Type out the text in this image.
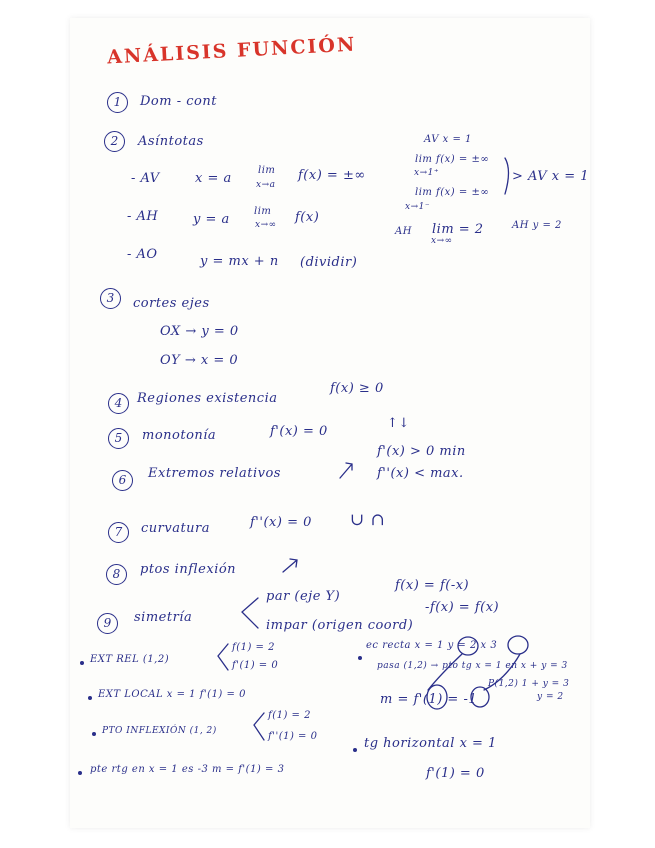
ANÁLISIS FUNCIÓN
1	Dom - cont
2	Asíntotas
- AV	x = a
lim
x→a
f(x) = ±∞
- AH	y = a
lim
x→∞ f(x)
- AO	y = mx + n (dividir)
AV x = 1
lim f(x) = ±∞
x→1⁺
lim f(x) = ±∞
x→1⁻
> AV x = 1
AH lim = 2
x→∞
AH y = 2
3	cortes ejes
OX → y = 0
OY → x = 0
4	Regiones existencia
f(x) ≥ 0
5	monotonía	f'(x) = 0
↑↓
6	Extremos relativos
f'(x) > 0 min
f''(x) < max.
7	curvatura	f''(x) = 0 ∪ ∩
8	ptos inflexión
9	simetría
par (eje Y)
f(x) = f(-x)
impar (origen coord)
-f(x) = f(x)
EXT REL (1,2)
f(1) = 2
f'(1) = 0
EXT LOCAL x = 1 f'(1) = 0
PTO INFLEXIÓN (1, 2)
f(1) = 2
f''(1) = 0
pte rtg en x = 1 es -3 m = f'(1) = 3
ec recta x = 1 y = 2 x 3
pasa (1,2) → pto tg x = 1 en x + y = 3
m = f'(1) = -1
P(1,2) 1 + y = 3
y = 2
tg horizontal x = 1
f'(1) = 0
